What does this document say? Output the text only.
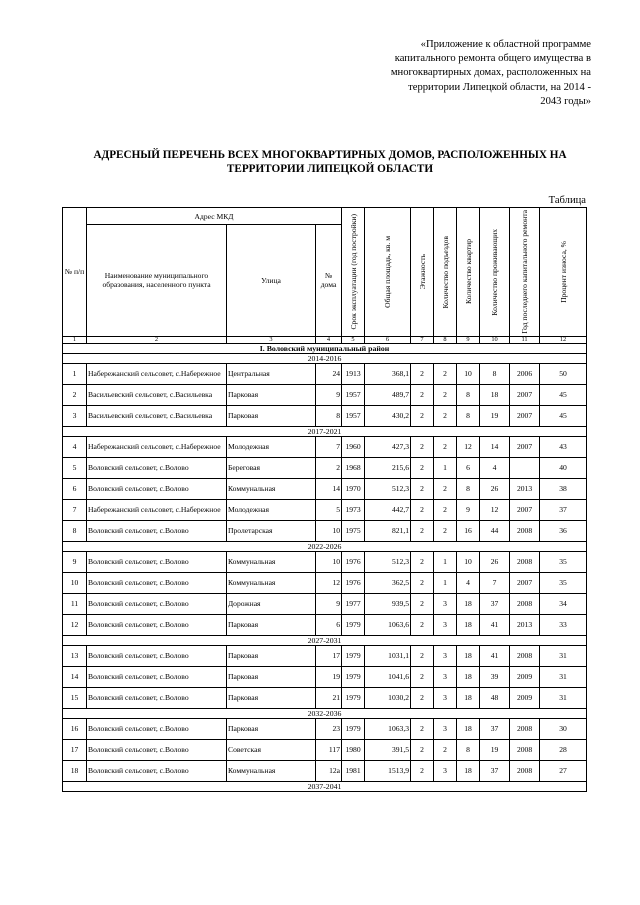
«Приложение к областной программе
капитального ремонта общего имущества в
многоквартирных домах, расположенных на
территории Липецкой области, на 2014 -
2043 годы»
АДРЕСНЫЙ ПЕРЕЧЕНЬ ВСЕХ МНОГОКВАРТИРНЫХ ДОМОВ, РАСПОЛОЖЕННЫХ НА
ТЕРРИТОРИИ ЛИПЕЦКОЙ ОБЛАСТИ
Таблица
№ п/п	Адрес МКД			Срок эксплуатации (год постройки)	Общая площадь, кв. м	Этажность	Количество подъездов	Количество квартир	Количество проживающих	Год последнего капитального ремонта	Процент износа, %

	Наименование муниципального образования, населенного пункта	Улица	№ дома								
1	2	3	4	5	6	7	8	9	10	11	12
I. Воловский муниципальный район											
2014-2016											
1	Набережанский сельсовет, с.Набережное	Центральная	24	1913	368,1	2	2	10	8	2006	50
2	Васильевский сельсовет, с.Васильевка	Парковая	9	1957	489,7	2	2	8	18	2007	45
3	Васильевский сельсовет, с.Васильевка	Парковая	8	1957	430,2	2	2	8	19	2007	45
2017-2021											
4	Набережанский сельсовет, с.Набережное	Молодежная	7	1960	427,3	2	2	12	14	2007	43
5	Воловский сельсовет, с.Волово	Береговая	2	1968	215,6	2	1	6	4		40
6	Воловский сельсовет, с.Волово	Коммунальная	14	1970	512,3	2	2	8	26	2013	38
7	Набережанский сельсовет, с.Набережное	Молодежная	5	1973	442,7	2	2	9	12	2007	37
8	Воловский сельсовет, с.Волово	Пролетарская	10	1975	821,1	2	2	16	44	2008	36
2022-2026											
9	Воловский сельсовет, с.Волово	Коммунальная	10	1976	512,3	2	1	10	26	2008	35
10	Воловский сельсовет, с.Волово	Коммунальная	12	1976	362,5	2	1	4	7	2007	35
11	Воловский сельсовет, с.Волово	Дорожная	9	1977	939,5	2	3	18	37	2008	34
12	Воловский сельсовет, с.Волово	Парковая	6	1979	1063,6	2	3	18	41	2013	33
2027-2031											
13	Воловский сельсовет, с.Волово	Парковая	17	1979	1031,1	2	3	18	41	2008	31
14	Воловский сельсовет, с.Волово	Парковая	19	1979	1041,6	2	3	18	39	2009	31
15	Воловский сельсовет, с.Волово	Парковая	21	1979	1030,2	2	3	18	48	2009	31
2032-2036											
16	Воловский сельсовет, с.Волово	Парковая	23	1979	1063,3	2	3	18	37	2008	30
17	Воловский сельсовет, с.Волово	Советская	117	1980	391,5	2	2	8	19	2008	28
18	Воловский сельсовет, с.Волово	Коммунальная	12а	1981	1513,9	2	3	18	37	2008	27
2037-2041											
